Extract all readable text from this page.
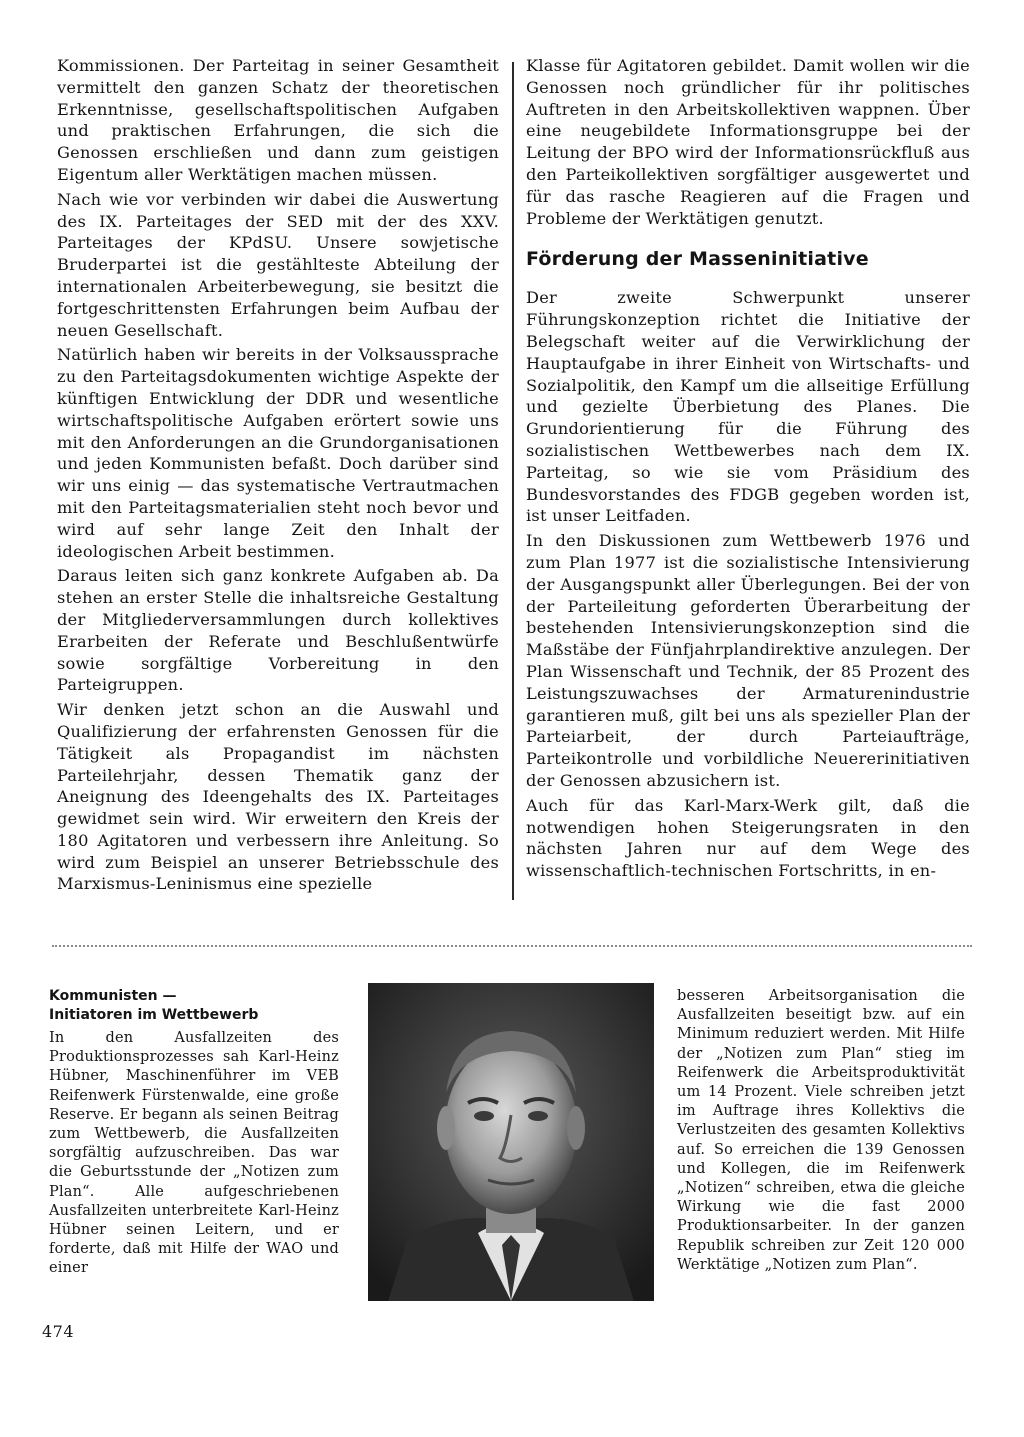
Kommissionen. Der Parteitag in seiner Gesamtheit vermittelt den ganzen Schatz der theoretischen Erkenntnisse, gesellschaftspolitischen Aufgaben und praktischen Erfahrungen, die sich die Genossen erschließen und dann zum geistigen Eigentum aller Werktätigen machen müssen.

Nach wie vor verbinden wir dabei die Auswertung des IX. Parteitages der SED mit der des XXV. Parteitages der KPdSU. Unsere sowjetische Bruderpartei ist die gestählteste Abteilung der internationalen Arbeiterbewegung, sie besitzt die fortgeschrittensten Erfahrungen beim Aufbau der neuen Gesellschaft.

Natürlich haben wir bereits in der Volksaussprache zu den Parteitagsdokumenten wichtige Aspekte der künftigen Entwicklung der DDR und wesentliche wirtschaftspolitische Aufgaben erörtert sowie uns mit den Anforderungen an die Grundorganisationen und jeden Kommunisten befaßt. Doch darüber sind wir uns einig — das systematische Vertrautmachen mit den Parteitagsmaterialien steht noch bevor und wird auf sehr lange Zeit den Inhalt der ideologischen Arbeit bestimmen.

Daraus leiten sich ganz konkrete Aufgaben ab. Da stehen an erster Stelle die inhaltsreiche Gestaltung der Mitgliederversammlungen durch kollektives Erarbeiten der Referate und Beschlußentwürfe sowie sorgfältige Vorbereitung in den Parteigruppen.

Wir denken jetzt schon an die Auswahl und Qualifizierung der erfahrensten Genossen für die Tätigkeit als Propagandist im nächsten Parteilehrjahr, dessen Thematik ganz der Aneignung des Ideengehalts des IX. Parteitages gewidmet sein wird. Wir erweitern den Kreis der 180 Agitatoren und verbessern ihre Anleitung. So wird zum Beispiel an unserer Betriebsschule des Marxismus-Leninismus eine spezielle

Klasse für Agitatoren gebildet. Damit wollen wir die Genossen noch gründlicher für ihr politisches Auftreten in den Arbeitskollektiven wappnen. Über eine neugebildete Informationsgruppe bei der Leitung der BPO wird der Informationsrückfluß aus den Parteikollektiven sorgfältiger ausgewertet und für das rasche Reagieren auf die Fragen und Probleme der Werktätigen genutzt.

Förderung der Masseninitiative

Der zweite Schwerpunkt unserer Führungskonzeption richtet die Initiative der Belegschaft weiter auf die Verwirklichung der Hauptaufgabe in ihrer Einheit von Wirtschafts- und Sozialpolitik, den Kampf um die allseitige Erfüllung und gezielte Überbietung des Planes. Die Grundorientierung für die Führung des sozialistischen Wettbewerbes nach dem IX. Parteitag, so wie sie vom Präsidium des Bundesvorstandes des FDGB gegeben worden ist, ist unser Leitfaden.

In den Diskussionen zum Wettbewerb 1976 und zum Plan 1977 ist die sozialistische Intensivierung der Ausgangspunkt aller Überlegungen. Bei der von der Parteileitung geforderten Überarbeitung der bestehenden Intensivierungskonzeption sind die Maßstäbe der Fünfjahrplandirektive anzulegen. Der Plan Wissenschaft und Technik, der 85 Prozent des Leistungszuwachses der Armaturenindustrie garantieren muß, gilt bei uns als spezieller Plan der Parteiarbeit, der durch Parteiaufträge, Parteikontrolle und vorbildliche Neuererinitiativen der Genossen abzusichern ist.

Auch für das Karl-Marx-Werk gilt, daß die notwendigen hohen Steigerungsraten in den nächsten Jahren nur auf dem Wege des wissenschaftlich-technischen Fortschritts, in en-

Kommunisten —
Initiatoren im Wettbewerb

In den Ausfallzeiten des Produktionsprozesses sah Karl-Heinz Hübner, Maschinenführer im VEB Reifenwerk Fürstenwalde, eine große Reserve. Er begann als seinen Beitrag zum Wettbewerb, die Ausfallzeiten sorgfältig aufzuschreiben. Das war die Geburtsstunde der „Notizen zum Plan“. Alle aufgeschriebenen Ausfallzeiten unterbreitete Karl-Heinz Hübner seinen Leitern, und er forderte, daß mit Hilfe der WAO und einer

besseren Arbeitsorganisation die Ausfallzeiten beseitigt bzw. auf ein Minimum reduziert werden. Mit Hilfe der „Notizen zum Plan“ stieg im Reifenwerk die Arbeitsproduktivität um 14 Prozent. Viele schreiben jetzt im Auftrage ihres Kollektivs die Verlustzeiten des gesamten Kollektivs auf. So erreichen die 139 Genossen und Kollegen, die im Reifenwerk „Notizen“ schreiben, etwa die gleiche Wirkung wie die fast 2000 Produktionsarbeiter. In der ganzen Republik schreiben zur Zeit 120 000 Werktätige „Notizen zum Plan“.

474
